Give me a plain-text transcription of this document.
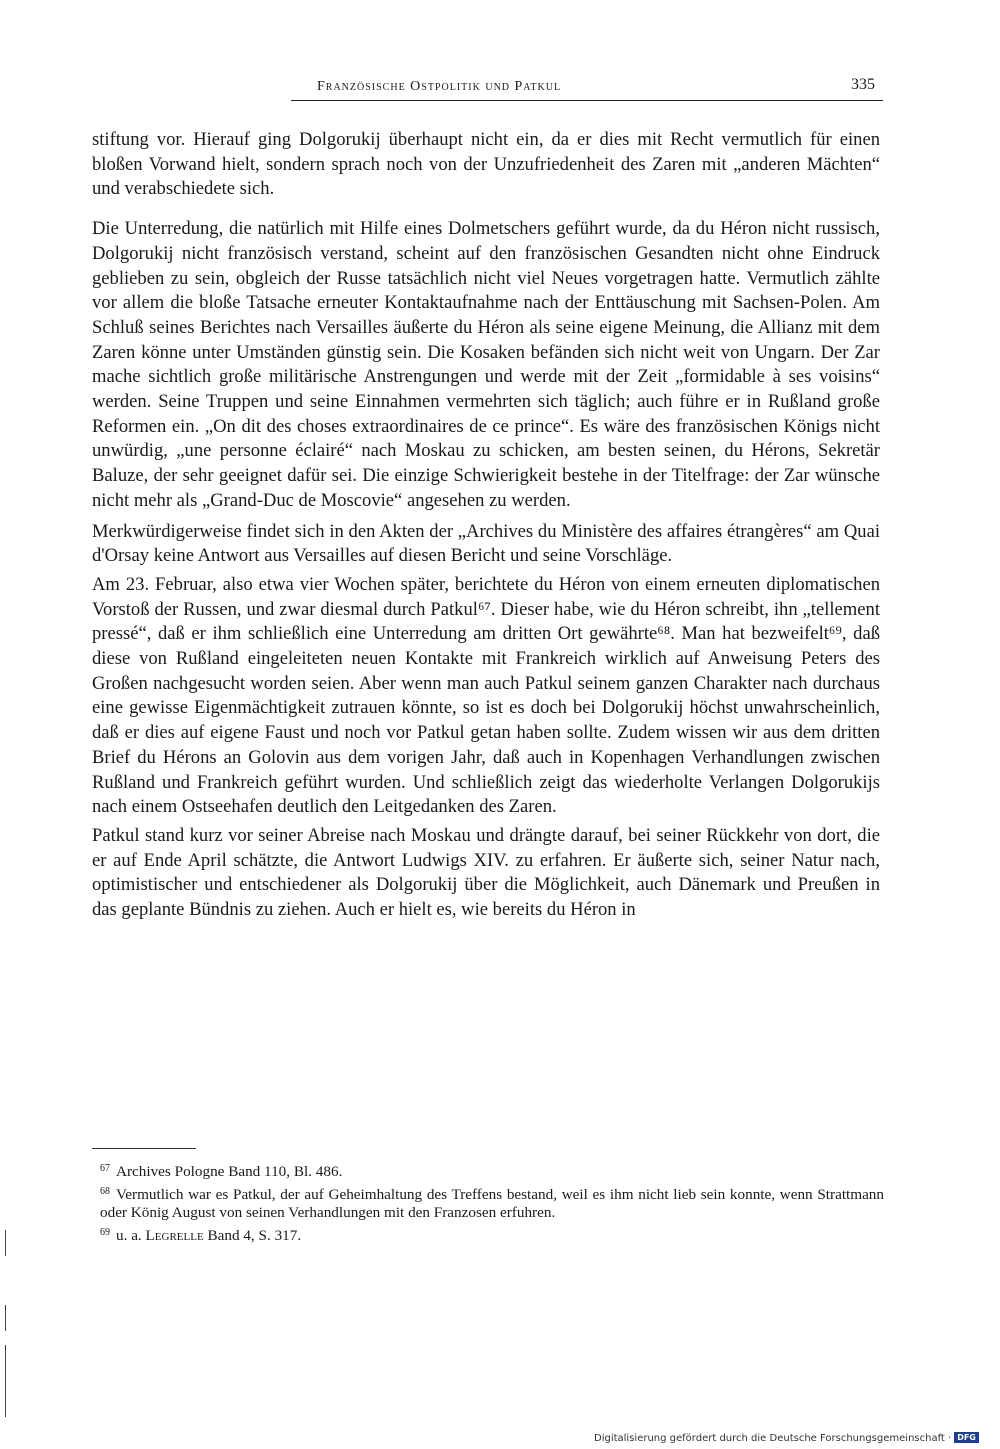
Französische Ostpolitik und Patkul	335

stiftung vor. Hierauf ging Dolgorukij überhaupt nicht ein, da er dies mit Recht vermutlich für einen bloßen Vorwand hielt, sondern sprach noch von der Unzufriedenheit des Zaren mit „anderen Mächten“ und verabschiedete sich.

Die Unterredung, die natürlich mit Hilfe eines Dolmetschers geführt wurde, da du Héron nicht russisch, Dolgorukij nicht französisch verstand, scheint auf den französischen Gesandten nicht ohne Eindruck geblieben zu sein, obgleich der Russe tatsächlich nicht viel Neues vorgetragen hatte. Vermutlich zählte vor allem die bloße Tatsache erneuter Kontaktaufnahme nach der Enttäuschung mit Sachsen-Polen. Am Schluß seines Berichtes nach Versailles äußerte du Héron als seine eigene Meinung, die Allianz mit dem Zaren könne unter Umständen günstig sein. Die Kosaken befänden sich nicht weit von Ungarn. Der Zar mache sichtlich große militärische Anstrengungen und werde mit der Zeit „formidable à ses voisins“ werden. Seine Truppen und seine Einnahmen vermehrten sich täglich; auch führe er in Rußland große Reformen ein. „On dit des choses extraordinaires de ce prince“. Es wäre des französischen Königs nicht unwürdig, „une personne éclairé“ nach Moskau zu schicken, am besten seinen, du Hérons, Sekretär Baluze, der sehr geeignet dafür sei. Die einzige Schwierigkeit bestehe in der Titelfrage: der Zar wünsche nicht mehr als „Grand-Duc de Moscovie“ angesehen zu werden.

Merkwürdigerweise findet sich in den Akten der „Archives du Ministère des affaires étrangères“ am Quai d'Orsay keine Antwort aus Versailles auf diesen Bericht und seine Vorschläge.

Am 23. Februar, also etwa vier Wochen später, berichtete du Héron von einem erneuten diplomatischen Vorstoß der Russen, und zwar diesmal durch Patkul⁶⁷. Dieser habe, wie du Héron schreibt, ihn „tellement pressé“, daß er ihm schließlich eine Unterredung am dritten Ort gewährte⁶⁸. Man hat bezweifelt⁶⁹, daß diese von Rußland eingeleiteten neuen Kontakte mit Frankreich wirklich auf Anweisung Peters des Großen nachgesucht worden seien. Aber wenn man auch Patkul seinem ganzen Charakter nach durchaus eine gewisse Eigenmächtigkeit zutrauen könnte, so ist es doch bei Dolgorukij höchst unwahrscheinlich, daß er dies auf eigene Faust und noch vor Patkul getan haben sollte. Zudem wissen wir aus dem dritten Brief du Hérons an Golovin aus dem vorigen Jahr, daß auch in Kopenhagen Verhandlungen zwischen Rußland und Frankreich geführt wurden. Und schließlich zeigt das wiederholte Verlangen Dolgorukijs nach einem Ostseehafen deutlich den Leitgedanken des Zaren.

Patkul stand kurz vor seiner Abreise nach Moskau und drängte darauf, bei seiner Rückkehr von dort, die er auf Ende April schätzte, die Antwort Ludwigs XIV. zu erfahren. Er äußerte sich, seiner Natur nach, optimistischer und entschiedener als Dolgorukij über die Möglichkeit, auch Dänemark und Preußen in das geplante Bündnis zu ziehen. Auch er hielt es, wie bereits du Héron in

$^{67}$ Archives Pologne Band 110, Bl. 486.

$^{68}$ Vermutlich war es Patkul, der auf Geheimhaltung des Treffens bestand, weil es ihm nicht lieb sein konnte, wenn Strattmann oder König August von seinen Verhandlungen mit den Franzosen erfuhren.

$^{69}$ u. a. Legrelle Band 4, S. 317.

Digitalisierung gefördert durch die Deutsche Forschungsgemeinschaft · DFG
